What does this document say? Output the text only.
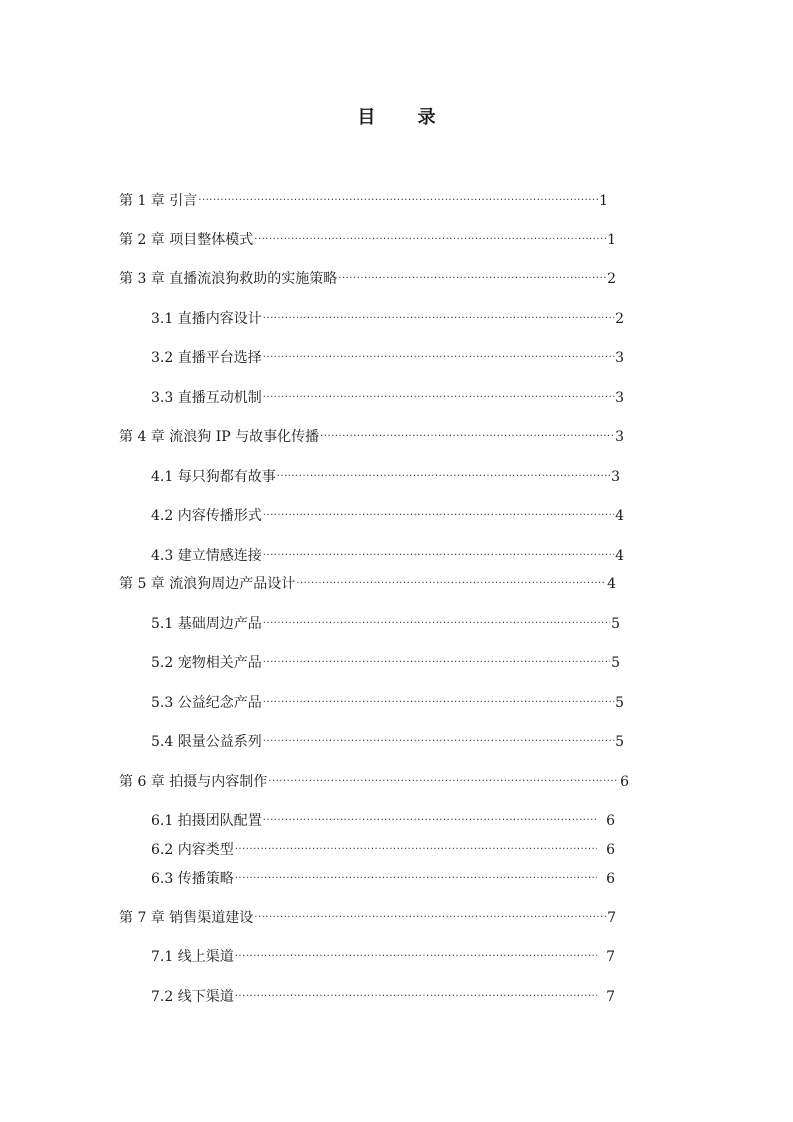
目 录
第 1 章 引言 ·····	1
第 2 章 项目整体模式 ·····	1
第 3 章 直播流浪狗救助的实施策略 ·····	2
3.1 直播内容设计 ·····	2
3.2 直播平台选择 ·····	3
3.3 直播互动机制 ·····	3
第 4 章 流浪狗 IP 与故事化传播 ·····	3
4.1 每只狗都有故事 ·····	3
4.2 内容传播形式 ·····	4
4.3 建立情感连接 ·····	4
第 5 章 流浪狗周边产品设计 ·····	4
5.1 基础周边产品 ·····	5
5.2 宠物相关产品 ·····	5
5.3 公益纪念产品 ·····	5
5.4 限量公益系列 ·····	5
第 6 章 拍摄与内容制作 ·····	6
6.1 拍摄团队配置 ·····	6
6.2 内容类型 ·····	6
6.3 传播策略 ·····	6
第 7 章 销售渠道建设 ·····	7
7.1 线上渠道 ·····	7
7.2 线下渠道 ·····	7
